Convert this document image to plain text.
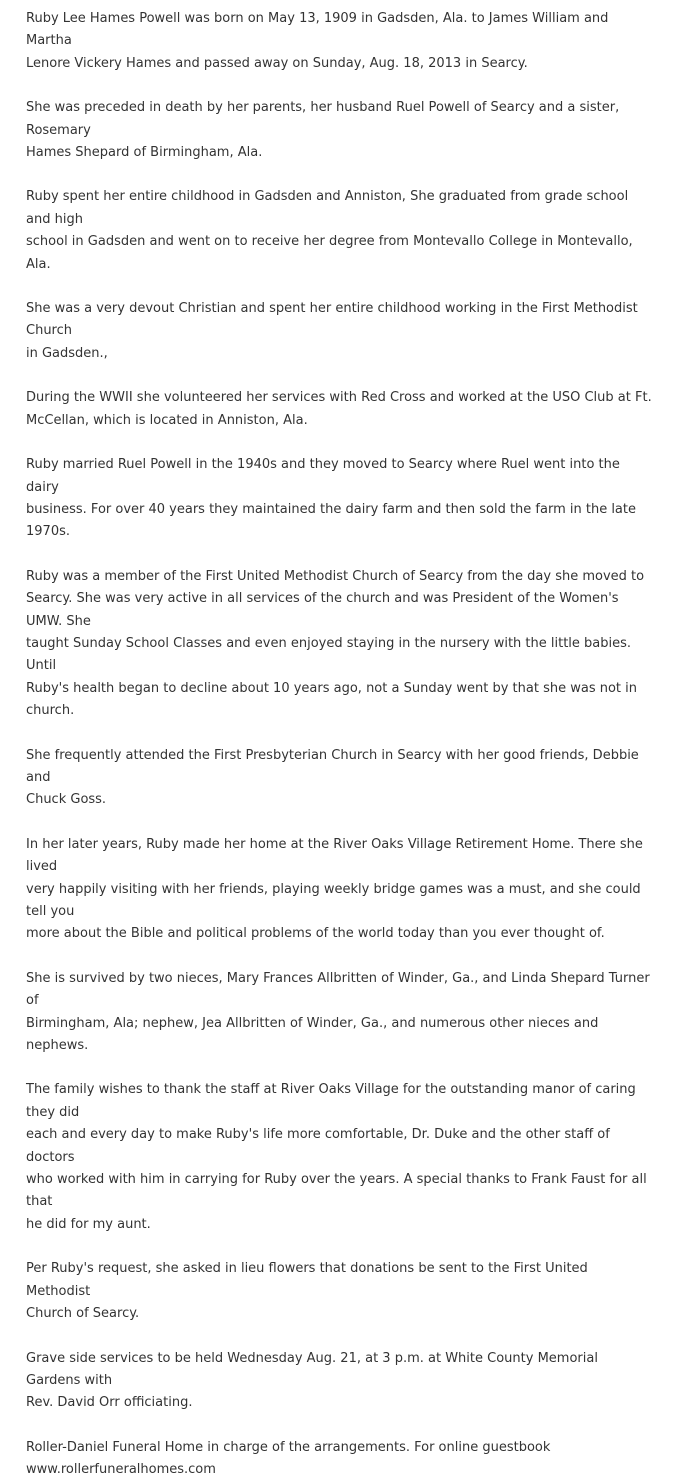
Ruby Lee Hames Powell was born on May 13, 1909 in Gadsden, Ala. to James William and Martha
Lenore Vickery Hames and passed away on Sunday, Aug. 18, 2013 in Searcy.

She was preceded in death by her parents, her husband Ruel Powell of Searcy and a sister, Rosemary
Hames Shepard of Birmingham, Ala.

Ruby spent her entire childhood in Gadsden and Anniston, She graduated from grade school and high
school in Gadsden and went on to receive her degree from Montevallo College in Montevallo, Ala.

She was a very devout Christian and spent her entire childhood working in the First Methodist Church
in Gadsden.,

During the WWII she volunteered her services with Red Cross and worked at the USO Club at Ft.
McCellan, which is located in Anniston, Ala.

Ruby married Ruel Powell in the 1940s and they moved to Searcy where Ruel went into the dairy
business. For over 40 years they maintained the dairy farm and then sold the farm in the late 1970s.

Ruby was a member of the First United Methodist Church of Searcy from the day she moved to
Searcy. She was very active in all services of the church and was President of the Women's UMW. She
taught Sunday School Classes and even enjoyed staying in the nursery with the little babies. Until
Ruby's health began to decline about 10 years ago, not a Sunday went by that she was not in church.

She frequently attended the First Presbyterian Church in Searcy with her good friends, Debbie and
Chuck Goss.

In her later years, Ruby made her home at the River Oaks Village Retirement Home. There she lived
very happily visiting with her friends, playing weekly bridge games was a must, and she could tell you
more about the Bible and political problems of the world today than you ever thought of.

She is survived by two nieces, Mary Frances Allbritten of Winder, Ga., and Linda Shepard Turner of
Birmingham, Ala; nephew, Jea Allbritten of Winder, Ga., and numerous other nieces and nephews.

The family wishes to thank the staff at River Oaks Village for the outstanding manor of caring they did
each and every day to make Ruby's life more comfortable, Dr. Duke and the other staff of doctors
who worked with him in carrying for Ruby over the years. A special thanks to Frank Faust for all that
he did for my aunt.

Per Ruby's request, she asked in lieu flowers that donations be sent to the First United Methodist
Church of Searcy.

Grave side services to be held Wednesday Aug. 21, at 3 p.m. at White County Memorial Gardens with
Rev. David Orr officiating.

Roller-Daniel Funeral Home in charge of the arrangements. For online guestbook
www.rollerfuneralhomes.com
